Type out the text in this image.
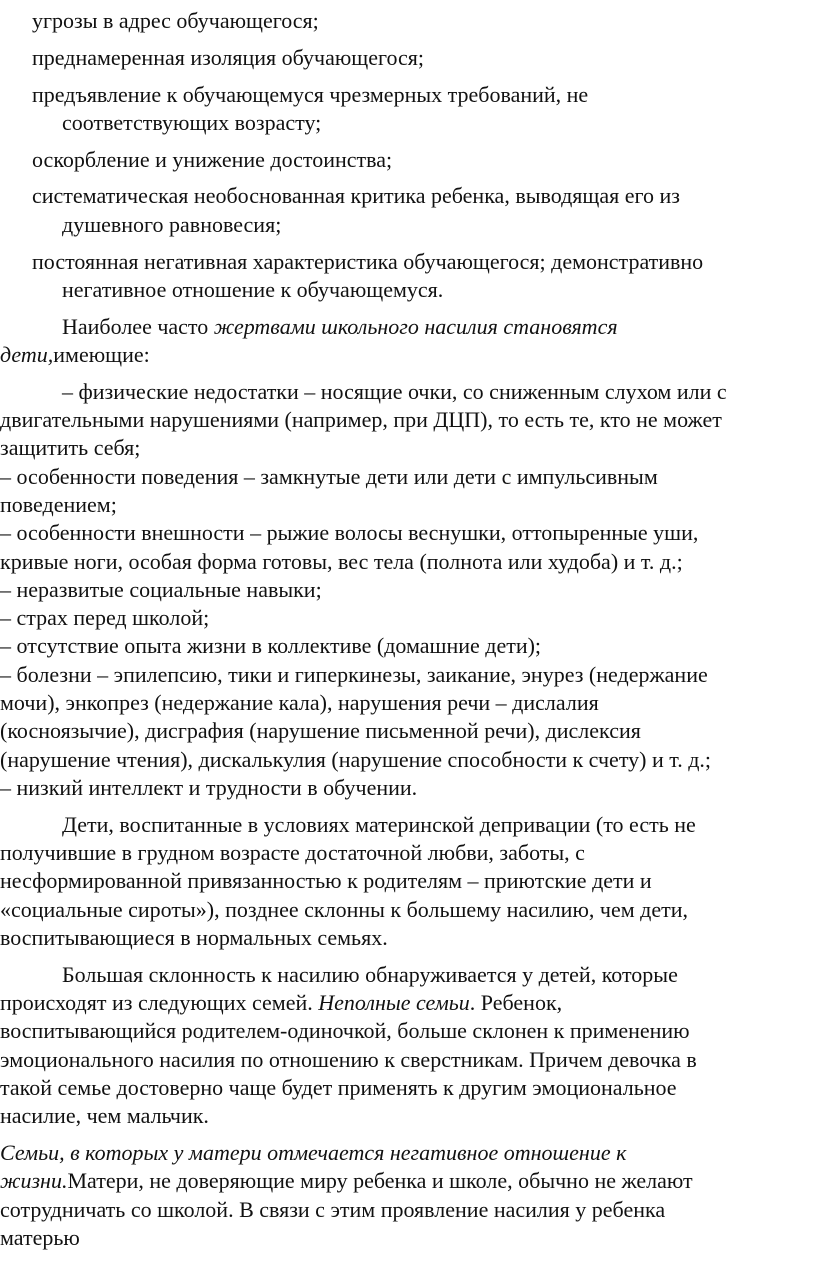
угрозы в адрес обучающегося;
преднамеренная изоляция обучающегося;
предъявление к обучающемуся чрезмерных требований, не
соответствующих возрасту;
оскорбление и унижение достоинства;
систематическая необоснованная критика ребенка, выводящая его из
душевного равновесия;
постоянная негативная характеристика обучающегося; демонстративно
негативное отношение к обучающемуся.
Наиболее часто жертвами школьного насилия становятся
дети,имеющие:
– физические недостатки – носящие очки, со сниженным слухом или с
двигательными нарушениями (например, при ДЦП), то есть те, кто не может
защитить себя;
– особенности поведения – замкнутые дети или дети с импульсивным
поведением;
– особенности внешности – рыжие волосы веснушки, оттопыренные уши,
кривые ноги, особая форма готовы, вес тела (полнота или худоба) и т. д.;
– неразвитые социальные навыки;
– страх перед школой;
– отсутствие опыта жизни в коллективе (домашние дети);
– болезни – эпилепсию, тики и гиперкинезы, заикание, энурез (недержание
мочи), энкопрез (недержание кала), нарушения речи – дислалия
(косноязычие), дисграфия (нарушение письменной речи), дислексия
(нарушение чтения), дискалькулия (нарушение способности к счету) и т. д.;
– низкий интеллект и трудности в обучении.
Дети, воспитанные в условиях материнской депривации (то есть не
получившие в грудном возрасте достаточной любви, заботы, с
несформированной привязанностью к родителям – приютские дети и
«социальные сироты»), позднее склонны к большему насилию, чем дети,
воспитывающиеся в нормальных семьях.
Большая склонность к насилию обнаруживается у детей, которые
происходят из следующих семей. Неполные семьи. Ребенок,
воспитывающийся родителем-одиночкой, больше склонен к применению
эмоционального насилия по отношению к сверстникам. Причем девочка в
такой семье достоверно чаще будет применять к другим эмоциональное
насилие, чем мальчик.
Семьи, в которых у матери отмечается негативное отношение к
жизни.Матери, не доверяющие миру ребенка и школе, обычно не желают
сотрудничать со школой. В связи с этим проявление насилия у ребенка
матерью
